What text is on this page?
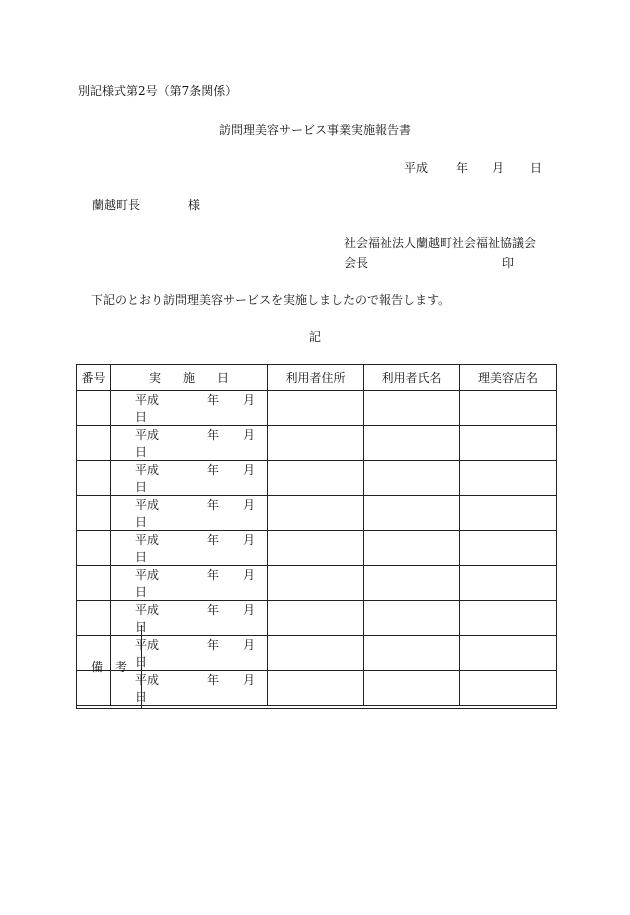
別記様式第2号（第7条関係）
訪問理美容サービス事業実施報告書
平成 年 月 日
蘭越町長	様
社会福祉法人蘭越町社会福祉協議会
会長	印
下記のとおり訪問理美容サービスを実施しましたので報告します。
記
番号	実 施 日	利用者住所	利用者氏名	理美容店名
	平成 年 月日			
	平成 年 月日			
	平成 年 月日			
	平成 年 月日			
	平成 年 月日			
	平成 年 月日			
	平成 年 月日			
	平成 年 月日			
	平成 年 月日			
備　考
